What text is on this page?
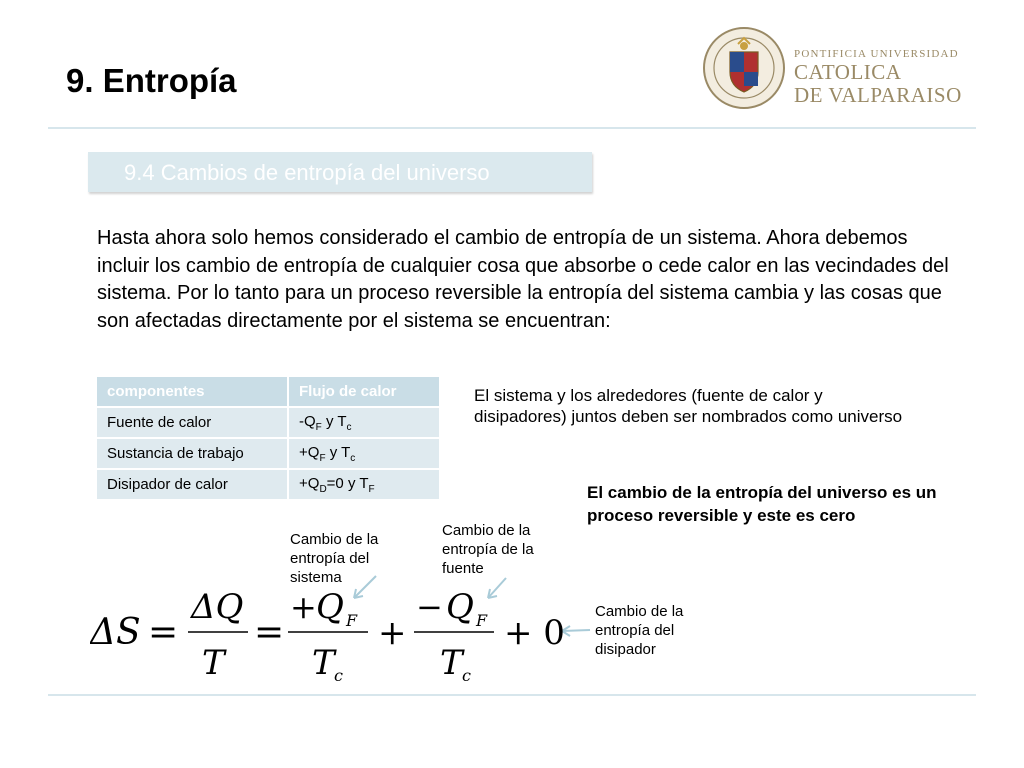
9. Entropía
PONTIFICIA UNIVERSIDAD
CATOLICA
DE VALPARAISO
9.4 Cambios de entropía del universo
Hasta ahora solo hemos considerado el cambio de entropía de un sistema. Ahora debemos incluir los cambio de entropía de cualquier cosa que absorbe o cede calor en las vecindades del sistema. Por lo tanto para un proceso reversible la entropía del sistema cambia y las cosas que son afectadas directamente por el sistema se encuentran:
componentes	Flujo de calor
Fuente de calor	$-Q_F$ y $T_c$
Sustancia de trabajo	$+Q_F$ y $T_c$
Disipador de calor	$+Q_D=0$ y $T_F$
El sistema y los alrededores (fuente de calor y disipadores) juntos deben ser nombrados como universo
El cambio de la entropía del universo es un proceso reversible y este es cero
Cambio de la entropía del sistema
Cambio de la entropía de la fuente
Cambio de la entropía del disipador
ΔS =
ΔQ
T
=
+ Q F
T c
+
− Q F
T c
+ 0
